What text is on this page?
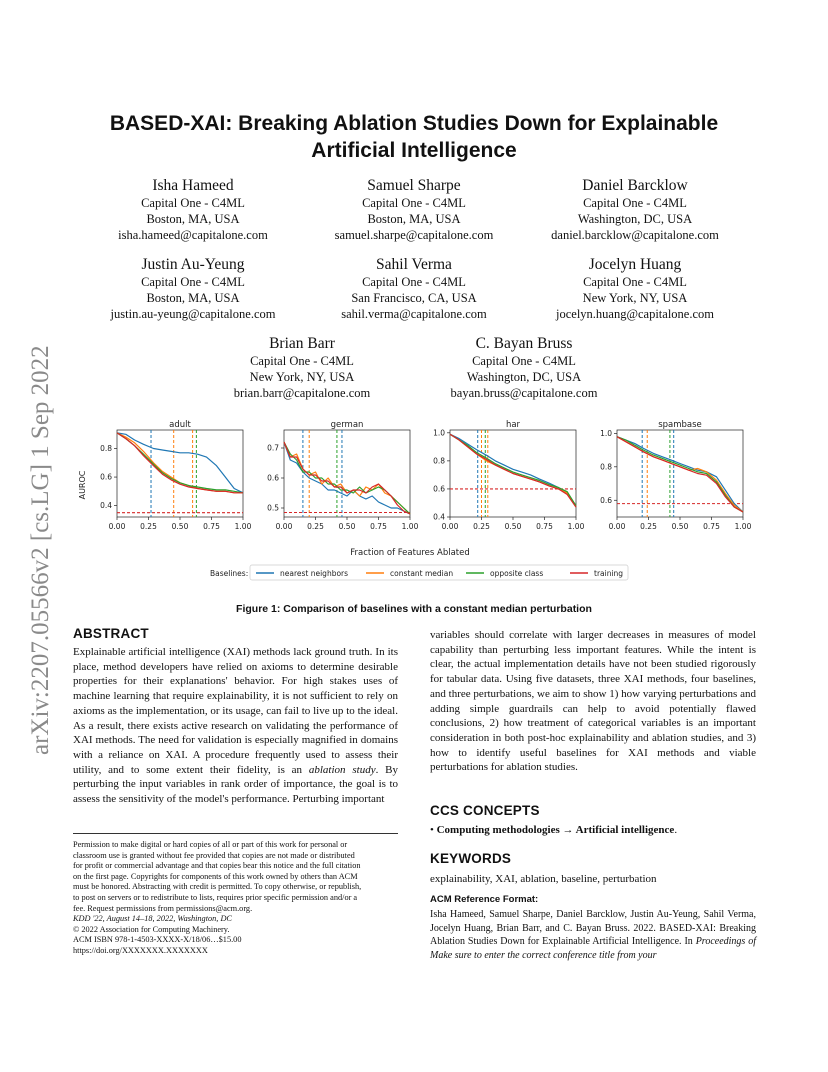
arXiv:2207.05566v2 [cs.LG] 1 Sep 2022
BASED-XAI: Breaking Ablation Studies Down for Explainable
Artificial Intelligence
Isha Hameed
Capital One - C4ML
Boston, MA, USA
isha.hameed@capitalone.com
Samuel Sharpe
Capital One - C4ML
Boston, MA, USA
samuel.sharpe@capitalone.com
Daniel Barcklow
Capital One - C4ML
Washington, DC, USA
daniel.barcklow@capitalone.com
Justin Au-Yeung
Capital One - C4ML
Boston, MA, USA
justin.au-yeung@capitalone.com
Sahil Verma
Capital One - C4ML
San Francisco, CA, USA
sahil.verma@capitalone.com
Jocelyn Huang
Capital One - C4ML
New York, NY, USA
jocelyn.huang@capitalone.com
Brian Barr
Capital One - C4ML
New York, NY, USA
brian.barr@capitalone.com
C. Bayan Bruss
Capital One - C4ML
Washington, DC, USA
bayan.bruss@capitalone.com
adult
0.00 0.25 0.50 0.75 1.00
0.4
0.6
0.8
german
0.00 0.25 0.50 0.75 1.00
0.5
0.6
0.7
har
0.00 0.25 0.50 0.75 1.00
0.4
0.6
0.8
1.0
spambase
0.00 0.25 0.50 0.75 1.00
0.6
0.8
1.0
AUROC
Fraction of Features Ablated
Baselines:	nearest neighbors	constant median	opposite class	training
Figure 1: Comparison of baselines with a constant median perturbation
ABSTRACT
Explainable artificial intelligence (XAI) methods lack ground truth. In its place, method developers have relied on axioms to determine desirable properties for their explanations' behavior. For high stakes uses of machine learning that require explainability, it is not sufficient to rely on axioms as the implementation, or its usage, can fail to live up to the ideal. As a result, there exists active research on validating the performance of XAI methods. The need for validation is especially magnified in domains with a reliance on XAI. A procedure frequently used to assess their utility, and to some extent their fidelity, is an ablation study. By perturbing the input variables in rank order of importance, the goal is to assess the sensitivity of the model's performance. Perturbing important
Permission to make digital or hard copies of all or part of this work for personal or
classroom use is granted without fee provided that copies are not made or distributed
for profit or commercial advantage and that copies bear this notice and the full citation
on the first page. Copyrights for components of this work owned by others than ACM
must be honored. Abstracting with credit is permitted. To copy otherwise, or republish,
to post on servers or to redistribute to lists, requires prior specific permission and/or a
fee. Request permissions from permissions@acm.org.
KDD '22, August 14–18, 2022, Washington, DC
© 2022 Association for Computing Machinery.
ACM ISBN 978-1-4503-XXXX-X/18/06…$15.00
https://doi.org/XXXXXXX.XXXXXXX
variables should correlate with larger decreases in measures of model capability than perturbing less important features. While the intent is clear, the actual implementation details have not been studied rigorously for tabular data. Using five datasets, three XAI methods, four baselines, and three perturbations, we aim to show 1) how varying perturbations and adding simple guardrails can help to avoid potentially flawed conclusions, 2) how treatment of categorical variables is an important consideration in both post-hoc explainability and ablation studies, and 3) how to identify useful baselines for XAI methods and viable perturbations for ablation studies.
CCS CONCEPTS
• Computing methodologies → Artificial intelligence.
KEYWORDS
explainability, XAI, ablation, baseline, perturbation
ACM Reference Format:
Isha Hameed, Samuel Sharpe, Daniel Barcklow, Justin Au-Yeung, Sahil Verma, Jocelyn Huang, Brian Barr, and C. Bayan Bruss. 2022. BASED-XAI: Breaking Ablation Studies Down for Explainable Artificial Intelligence. In Proceedings of Make sure to enter the correct conference title from your
